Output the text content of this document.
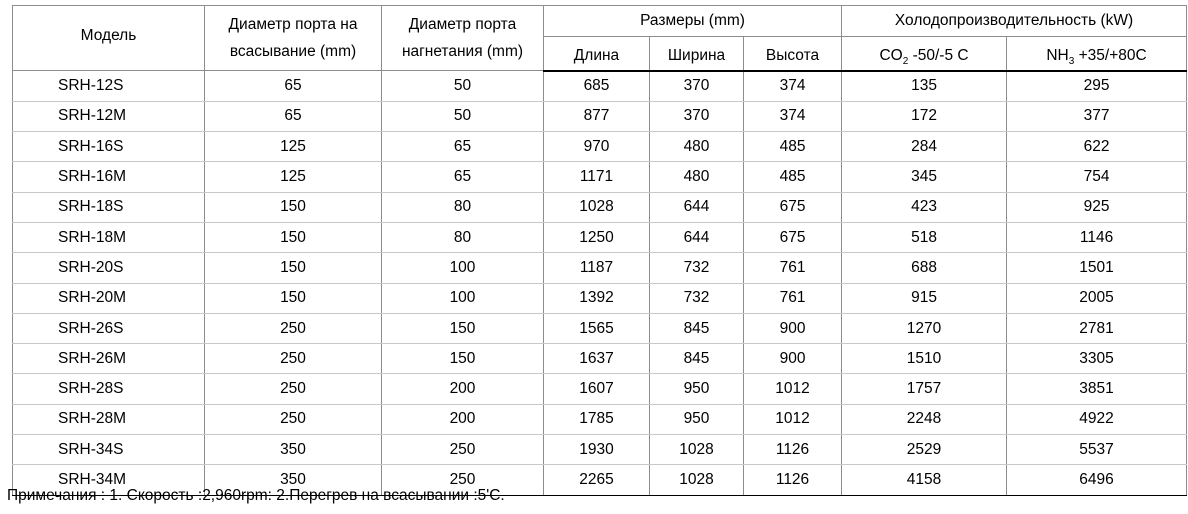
Модель	Диаметр порта на всасывание (mm)	Диаметр порта нагнетания (mm)	Размеры (mm)			Холодопроизводительность (kW)	
			Длина	Ширина	Высота	$CO_2$ -50/-5 C	$NH_3 +35/+80C$
SRH-12S	65	50	685	370	374	135	295
SRH-12M	65	50	877	370	374	172	377
SRH-16S	125	65	970	480	485	284	622
SRH-16M	125	65	1171	480	485	345	754
SRH-18S	150	80	1028	644	675	423	925
SRH-18M	150	80	1250	644	675	518	1146
SRH-20S	150	100	1187	732	761	688	1501
SRH-20M	150	100	1392	732	761	915	2005
SRH-26S	250	150	1565	845	900	1270	2781
SRH-26M	250	150	1637	845	900	1510	3305
SRH-28S	250	200	1607	950	1012	1757	3851
SRH-28M	250	200	1785	950	1012	2248	4922
SRH-34S	350	250	1930	1028	1126	2529	5537
SRH-34M	350	250	2265	1028	1126	4158	6496
Примечания : 1. Скорость :2,960rpm: 2.Перегрев на всасывании :5'C.
